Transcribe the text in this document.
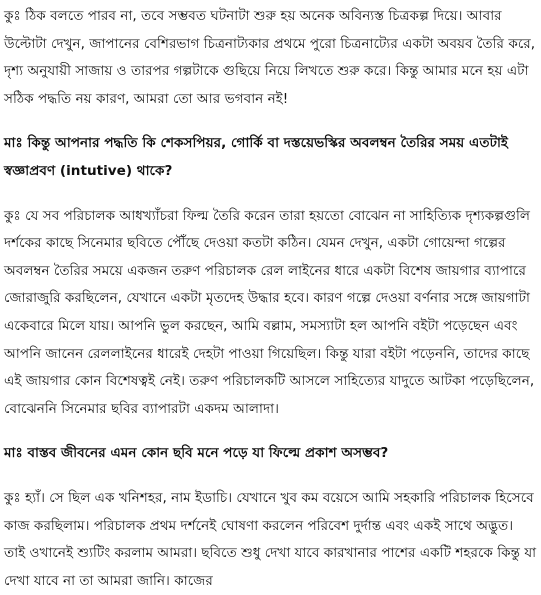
কুঃ ঠিক বলতে পারব না, তবে সম্ভবত ঘটনাটা শুরু হয় অনেক অবিন্যস্ত চিত্রকল্প দিয়ে। আবার উল্টোটা দেখুন, জাপানের বেশিরভাগ চিত্রনাট্যকার প্রথমে পুরো চিত্রনাট্যের একটা অবয়ব তৈরি করে, দৃশ্য অনুযায়ী সাজায় ও তারপর গল্পটাকে গুছিয়ে নিয়ে লিখতে শুরু করে। কিন্তু আমার মনে হয় এটা সঠিক পদ্ধতি নয় কারণ, আমরা তো আর ভগবান নই!

মাঃ কিন্তু আপনার পদ্ধতি কি শেকসপিয়র, গোর্কি বা দস্তয়েভস্কির অবলম্বন তৈরির সময় এতটাই স্বজ্ঞাপ্রবণ (intutive) থাকে?

কুঃ যে সব পরিচালক আধখ্যাঁচরা ফিল্ম তৈরি করেন তারা হয়তো বোঝেন না সাহিত্যিক দৃশ্যকল্পগুলি দর্শকের কাছে সিনেমার ছবিতে পৌঁছে দেওয়া কতটা কঠিন। যেমন দেখুন, একটা গোয়েন্দা গল্পের অবলম্বন তৈরির সময়ে একজন তরুণ পরিচালক রেল লাইনের ধারে একটা বিশেষ জায়গার ব্যাপারে জোরাজুরি করছিলেন, যেখানে একটা মৃতদেহ উদ্ধার হবে। কারণ গল্পে দেওয়া বর্ণনার সঙ্গে জায়গাটা একেবারে মিলে যায়। আপনি ভুল করছেন, আমি বল্লাম, সমস্যাটা হল আপনি বইটা পড়েছেন এবং আপনি জানেন রেললাইনের ধারেই দেহটা পাওয়া গিয়েছিল। কিন্তু যারা বইটা পড়েননি, তাদের কাছে এই জায়গার কোন বিশেষত্বই নেই। তরুণ পরিচালকটি আসলে সাহিত্যের যাদুতে আটকা পড়েছিলেন, বোঝেননি সিনেমার ছবির ব্যাপারটা একদম আলাদা।

মাঃ বাস্তব জীবনের এমন কোন ছবি মনে পড়ে যা ফিল্মে প্রকাশ অসম্ভব?

কুঃ হ্যাঁ। সে ছিল এক খনিশহর, নাম ইডাচি। যেখানে খুব কম বয়েসে আমি সহকারি পরিচালক হিসেবে কাজ করছিলাম। পরিচালক প্রথম দর্শনেই ঘোষণা করলেন পরিবেশ দুর্দান্ত এবং একই সাথে অদ্ভুত। তাই ওখানেই শ্যুটিং করলাম আমরা। ছবিতে শুধু দেখা যাবে কারখানার পাশের একটি শহরকে কিন্তু যা দেখা যাবে না তা আমরা জানি। কাজের
